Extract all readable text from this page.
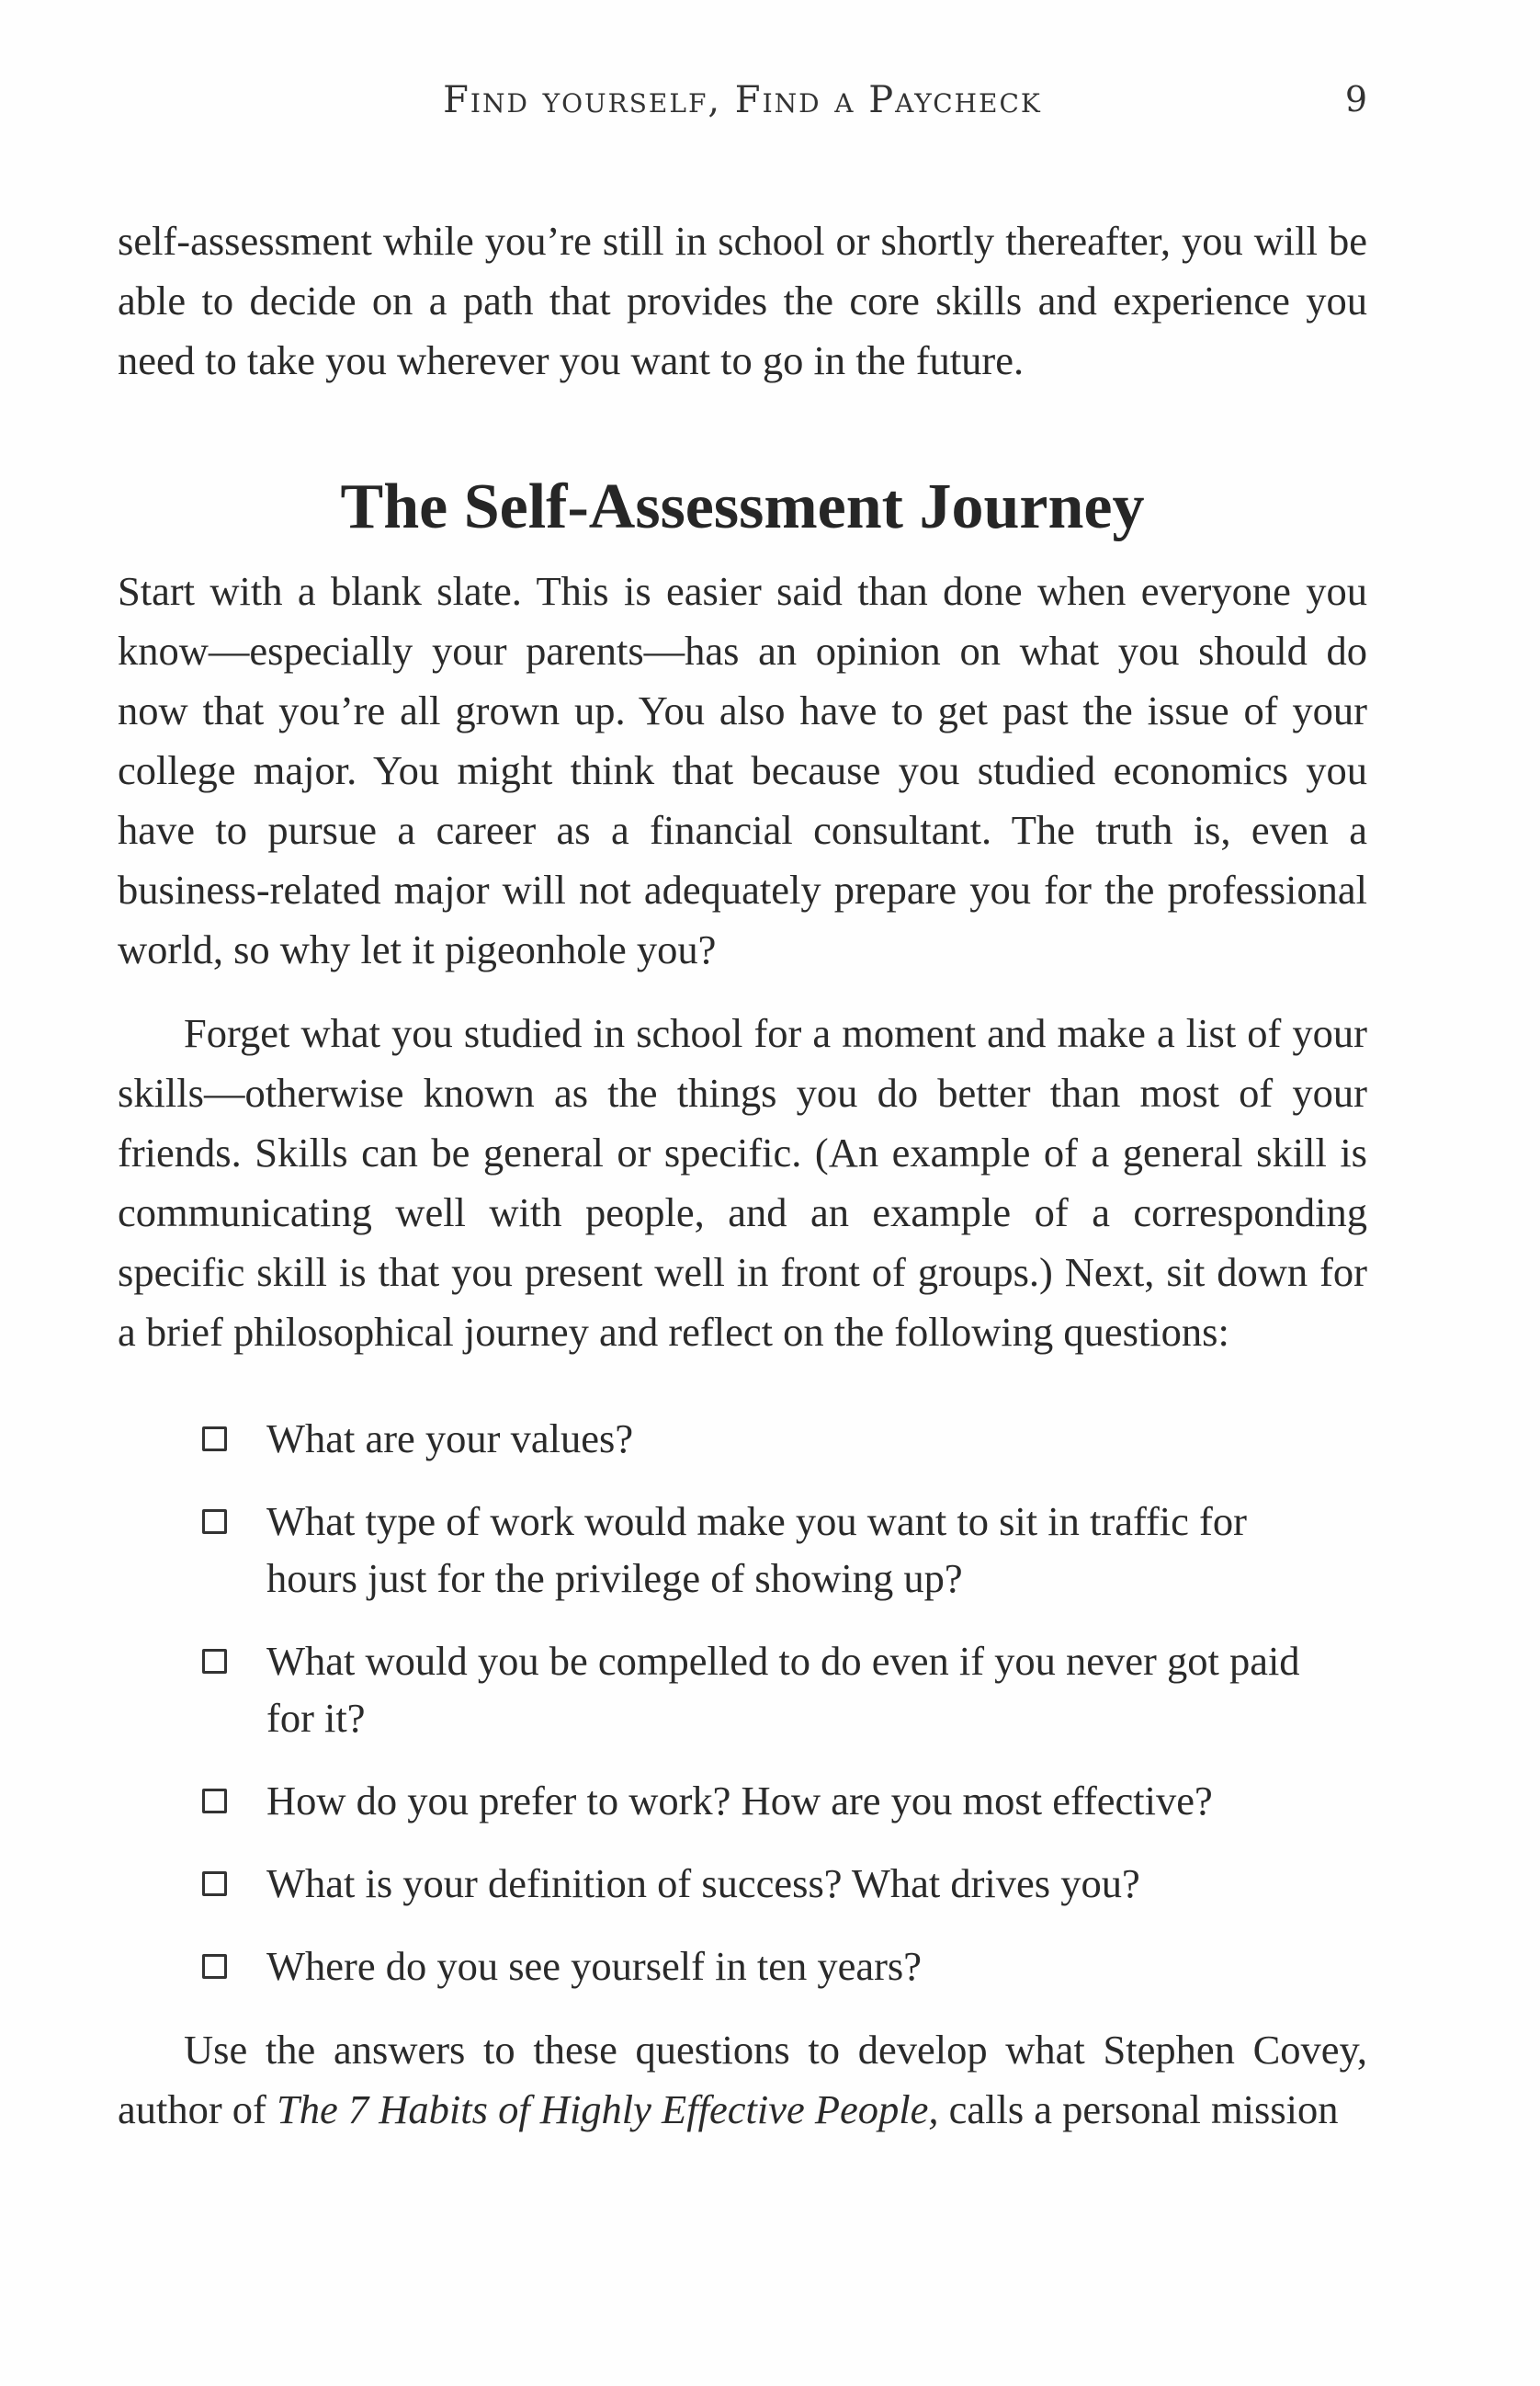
Find yourself, Find a Paycheck	9

self-assessment while you’re still in school or shortly thereafter, you will be able to decide on a path that provides the core skills and experience you need to take you wherever you want to go in the future.

The Self-Assessment Journey

Start with a blank slate. This is easier said than done when everyone you know—especially your parents—has an opinion on what you should do now that you’re all grown up. You also have to get past the issue of your college major. You might think that because you studied economics you have to pursue a career as a financial consultant. The truth is, even a business-related major will not adequately prepare you for the professional world, so why let it pigeonhole you?

Forget what you studied in school for a moment and make a list of your skills—otherwise known as the things you do better than most of your friends. Skills can be general or specific. (An example of a general skill is communicating well with people, and an example of a corresponding specific skill is that you present well in front of groups.) Next, sit down for a brief philosophical journey and reflect on the following questions:

What are your values?
What type of work would make you want to sit in traffic for hours just for the privilege of showing up?
What would you be compelled to do even if you never got paid for it?
How do you prefer to work? How are you most effective?
What is your definition of success? What drives you?
Where do you see yourself in ten years?

Use the answers to these questions to develop what Stephen Covey, author of The 7 Habits of Highly Effective People, calls a personal mission
